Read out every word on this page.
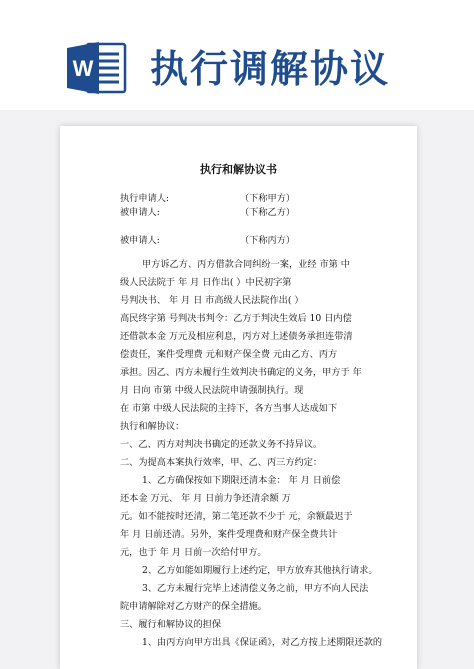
W 执行调解协议
执行和解协议书
执行申请人:	（下称甲方）
被申请人:	（下称乙方）
被申请人:	（下称丙方）
甲方诉乙方、丙方借款合同纠纷一案，业经 市第 中
级人民法院于 年 月 日作出( ）中民初字第
号判决书、 年 月 日 市高级人民法院作出( ）
高民终字第 号判决书判令：乙方于判决生效后 10 日内偿
还借款本金 万元及相应利息，丙方对上述债务承担连带清
偿责任，案件受理费 元和财产保全费 元由乙方、丙方
承担。因乙、丙方未履行生效判决书确定的义务，甲方于 年
月 日向 市第 中级人民法院申请强制执行。现
在 市第 中级人民法院的主持下，各方当事人达成如下
执行和解协议：
一、乙、丙方对判决书确定的还款义务不持异议。
二、为提高本案执行效率，甲、乙、丙三方约定：
1、乙方确保按如下期限还清本金： 年 月 日前偿
还本金 万元、 年 月 日前力争还清余额 万
元。如不能按时还清，第二笔还款不少于 元，余额最迟于
年 月 日前还清。另外，案件受理费和财产保全费共计
元，也于 年 月 日前一次给付甲方。
2、乙方如能如期履行上述约定，甲方放弃其他执行请求。
3、乙方未履行完毕上述清偿义务之前，甲方不向人民法
院申请解除对乙方财产的保全措施。
三、履行和解协议的担保
1、由丙方向甲方出具《保证函》，对乙方按上述期限还款的
